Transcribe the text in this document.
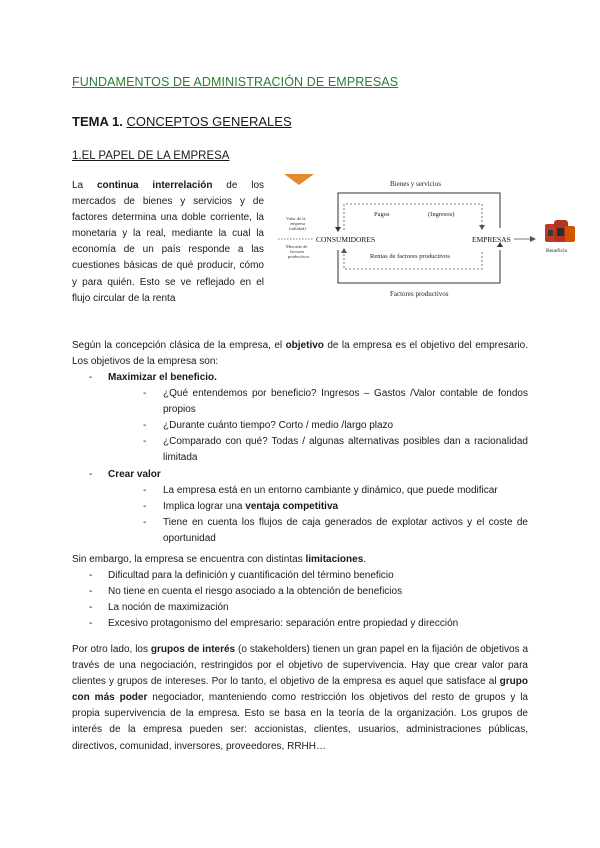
FUNDAMENTOS DE ADMINISTRACIÓN DE EMPRESAS
TEMA 1. CONCEPTOS GENERALES
1.EL PAPEL DE LA EMPRESA
La continua interrelación de los mercados de bienes y servicios y de factores determina una doble corriente, la monetaria y la real, mediante la cual la economía de un país responde a las cuestiones básicas de qué producir, cómo y para quién. Esto se ve reflejado en el flujo circular de la renta
Bienes y servicios
Pagos	(Ingresos)
CONSUMIDORES	EMPRESAS
Rentas de factores productivos
Factores productivos
Valor de la
empresa
(utilidad)
Mercado de
factores
productivos
Beneficio
Según la concepción clásica de la empresa, el objetivo de la empresa es el objetivo del empresario. Los objetivos de la empresa son:
- Maximizar el beneficio.
- ¿Qué entendemos por beneficio? Ingresos – Gastos /Valor contable de fondos propios
- ¿Durante cuánto tiempo? Corto / medio /largo plazo
- ¿Comparado con qué? Todas / algunas alternativas posibles dan a racionalidad limitada
- Crear valor
- La empresa está en un entorno cambiante y dinámico, que puede modificar
- Implica lograr una ventaja competitiva
- Tiene en cuenta los flujos de caja generados de explotar activos y el coste de oportunidad
Sin embargo, la empresa se encuentra con distintas limitaciones.
- Dificultad para la definición y cuantificación del término beneficio
- No tiene en cuenta el riesgo asociado a la obtención de beneficios
- La noción de maximización
- Excesivo protagonismo del empresario: separación entre propiedad y dirección
Por otro lado, los grupos de interés (o stakeholders) tienen un gran papel en la fijación de objetivos a través de una negociación, restringidos por el objetivo de supervivencia. Hay que crear valor para clientes y grupos de intereses. Por lo tanto, el objetivo de la empresa es aquel que satisface al grupo con más poder negociador, manteniendo como restricción los objetivos del resto de grupos y la propia supervivencia de la empresa. Esto se basa en la teoría de la organización. Los grupos de interés de la empresa pueden ser: accionistas, clientes, usuarios, administraciones públicas, directivos, comunidad, inversores, proveedores, RRHH…
